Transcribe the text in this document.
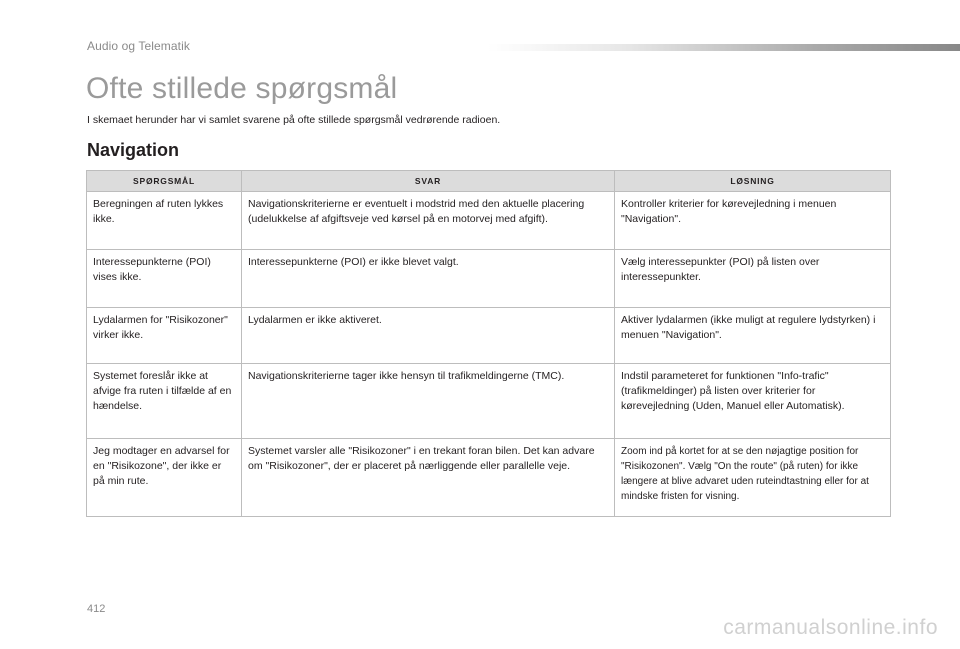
Audio og Telematik
Ofte stillede spørgsmål
I skemaet herunder har vi samlet svarene på ofte stillede spørgsmål vedrørende radioen.
Navigation
SPØRGSMÅL	SVAR	LØSNING
Beregningen af ruten lykkes ikke.	Navigationskriterierne er eventuelt i modstrid med den aktuelle placering (udelukkelse af afgiftsveje ved kørsel på en motorvej med afgift).	Kontroller kriterier for kørevejledning i menuen "Navigation".
Interessepunkterne (POI) vises ikke.	Interessepunkterne (POI) er ikke blevet valgt.	Vælg interessepunkter (POI) på listen over interessepunkter.
Lydalarmen for "Risikozoner" virker ikke.	Lydalarmen er ikke aktiveret.	Aktiver lydalarmen (ikke muligt at regulere lydstyrken) i menuen "Navigation".
Systemet foreslår ikke at afvige fra ruten i tilfælde af en hændelse.	Navigationskriterierne tager ikke hensyn til trafikmeldingerne (TMC).	Indstil parameteret for funktionen "Info-trafic" (trafikmeldinger) på listen over kriterier for kørevejledning (Uden, Manuel eller Automatisk).
Jeg modtager en advarsel for en "Risikozone", der ikke er på min rute.	Systemet varsler alle "Risikozoner" i en trekant foran bilen. Det kan advare om "Risikozoner", der er placeret på nærliggende eller parallelle veje.	Zoom ind på kortet for at se den nøjagtige position for "Risikozonen". Vælg "On the route" (på ruten) for ikke længere at blive advaret uden ruteindtastning eller for at mindske fristen for visning.
412
carmanualsonline.info
